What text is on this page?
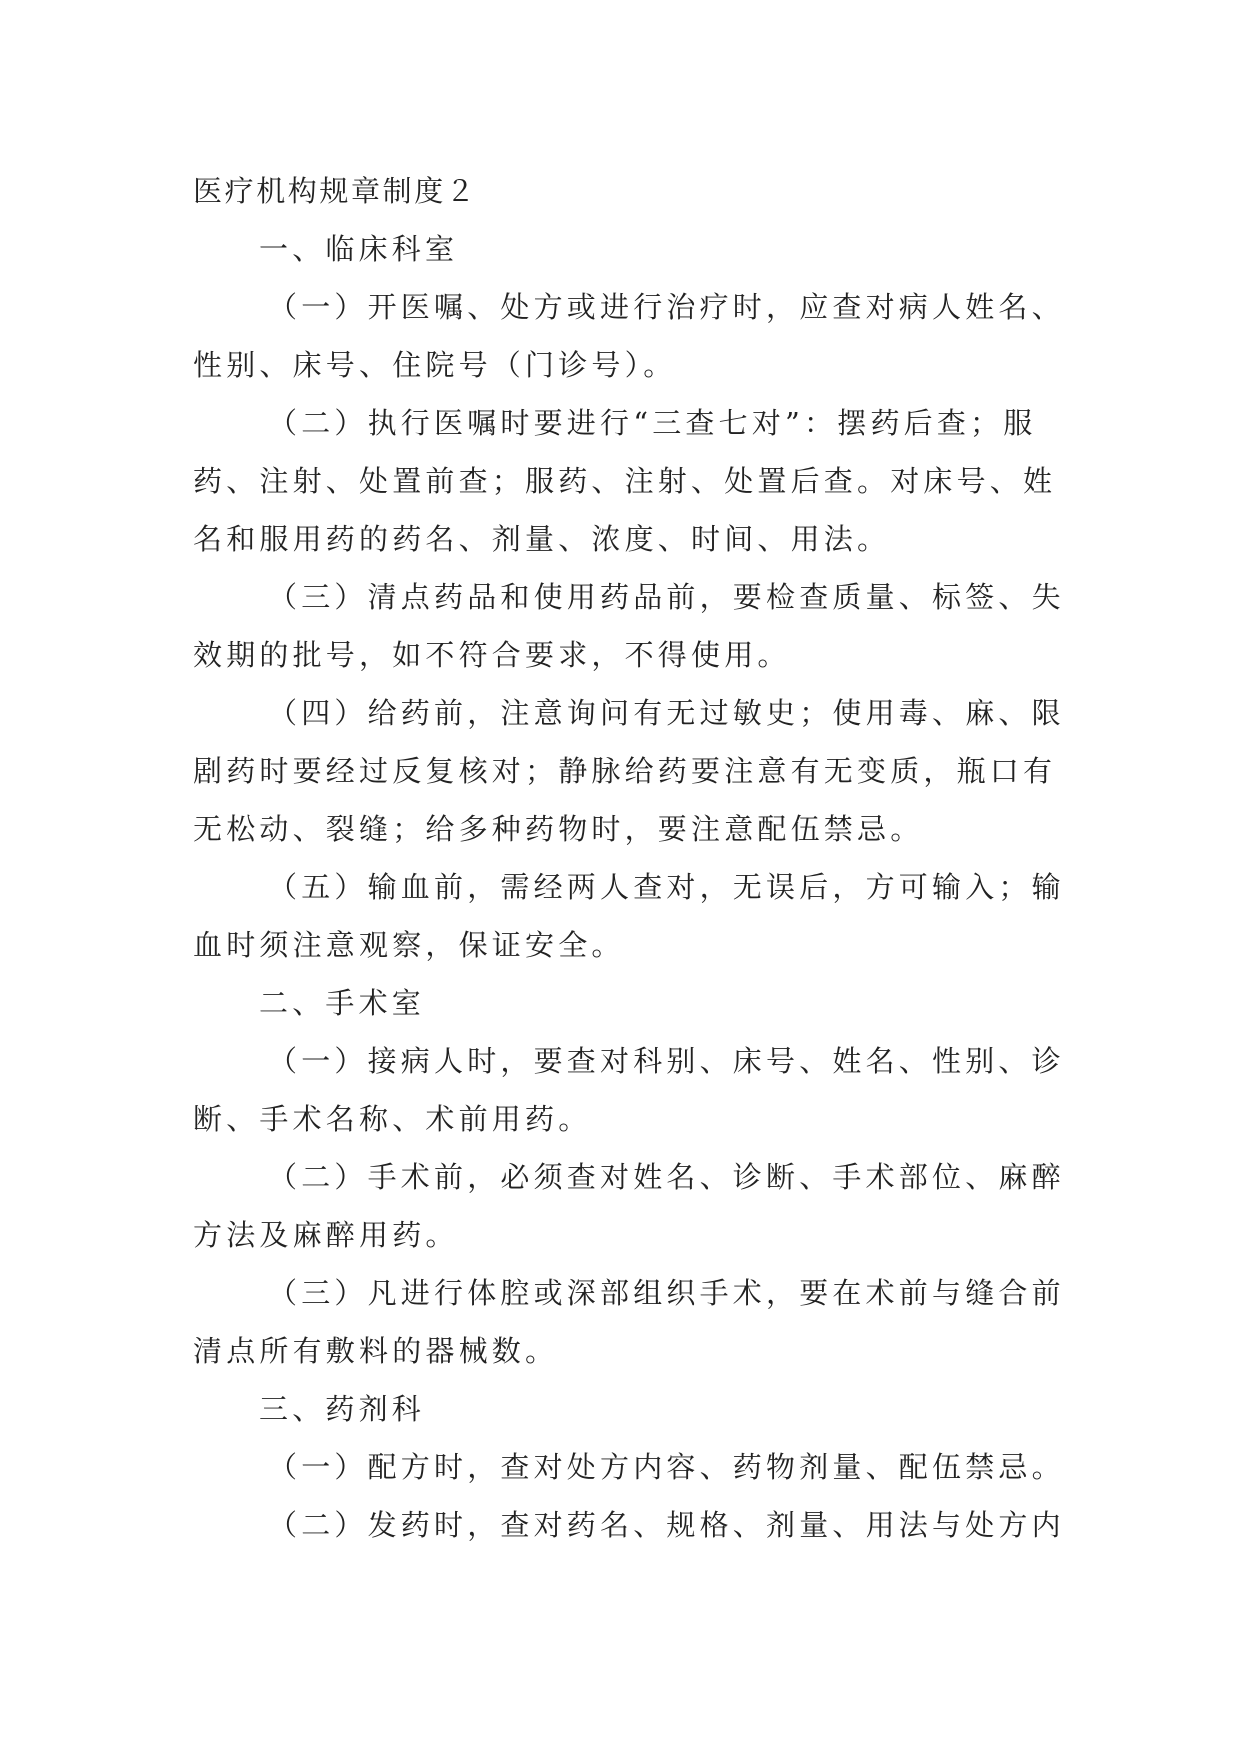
医疗机构规章制度２
一、临床科室
（一）开医嘱、处方或进行治疗时，应查对病人姓名、
性别、床号、住院号（门诊号）。
（二）执行医嘱时要进行“三查七对”：摆药后查；服
药、注射、处置前查；服药、注射、处置后查。对床号、姓
名和服用药的药名、剂量、浓度、时间、用法。
（三）清点药品和使用药品前，要检查质量、标签、失
效期的批号，如不符合要求，不得使用。
（四）给药前，注意询问有无过敏史；使用毒、麻、限
剧药时要经过反复核对；静脉给药要注意有无变质，瓶口有
无松动、裂缝；给多种药物时，要注意配伍禁忌。
（五）输血前，需经两人查对，无误后，方可输入；输
血时须注意观察，保证安全。
二、手术室
（一）接病人时，要查对科别、床号、姓名、性别、诊
断、手术名称、术前用药。
（二）手术前，必须查对姓名、诊断、手术部位、麻醉
方法及麻醉用药。
（三）凡进行体腔或深部组织手术，要在术前与缝合前
清点所有敷料的器械数。
三、药剂科
（一）配方时，查对处方内容、药物剂量、配伍禁忌。
（二）发药时，查对药名、规格、剂量、用法与处方内
